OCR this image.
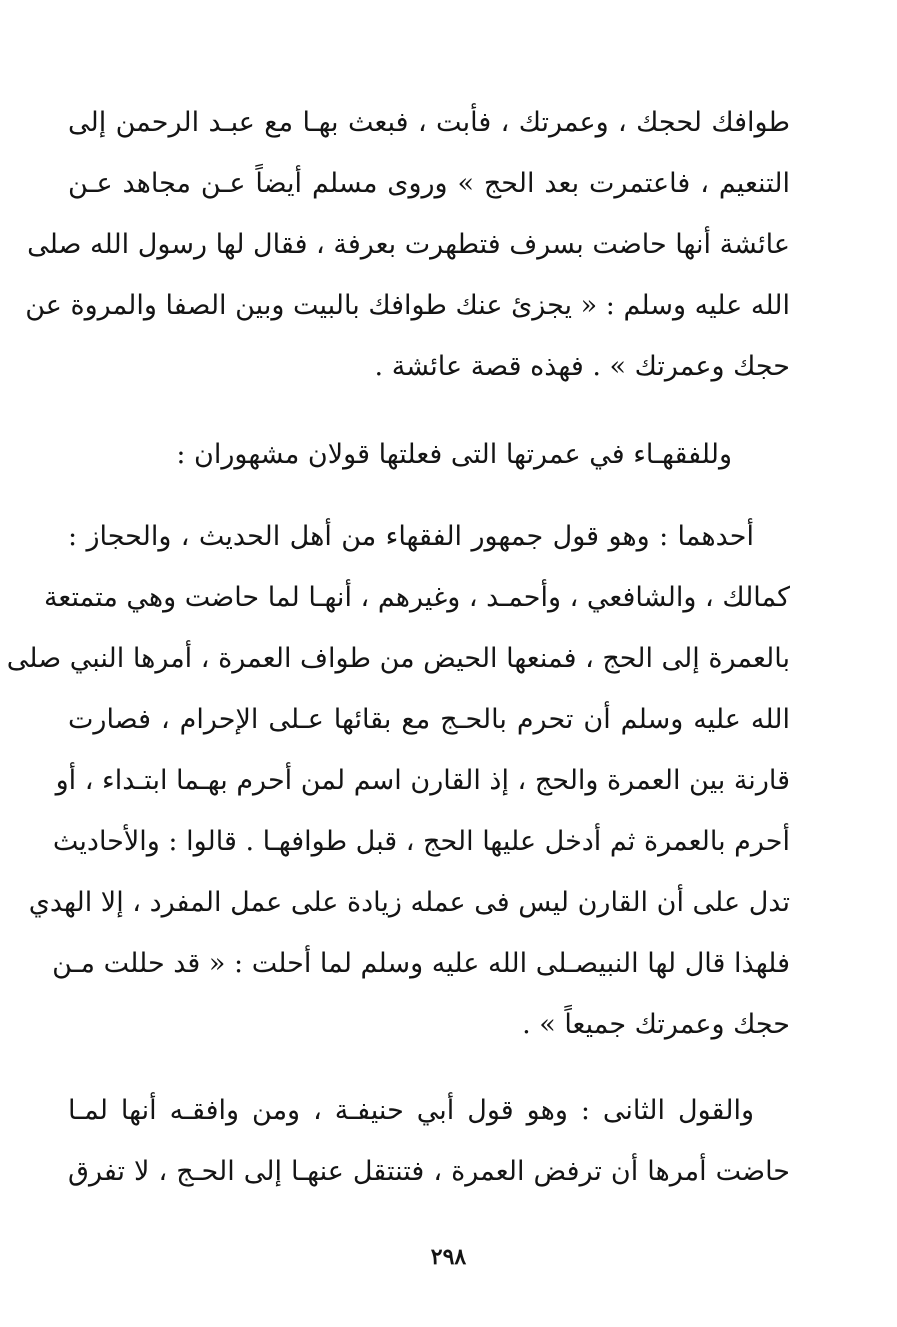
طوافك لحجك ، وعمرتك ، فأبت ، فبعث بهـا مع عبـد الرحمن إلى
التنعيم ، فاعتمرت بعد الحج » وروى مسلم أيضاً عـن مجاهد عـن
عائشة أنها حاضت بسرف فتطهرت بعرفة ، فقال لها رسول الله صلى
الله عليه وسلم : « يجزئ عنك طوافك بالبيت وبين الصفا والمروة عن
حجك وعمرتك » . فهذه قصة عائشة .
وللفقهـاء في عمرتها التى فعلتها قولان مشهوران :
أحدهما : وهو قول جمهور الفقهاء من أهل الحديث ، والحجاز :
كمالك ، والشافعي ، وأحمـد ، وغيرهم ، أنهـا لما حاضت وهي متمتعة
بالعمرة إلى الحج ، فمنعها الحيض من طواف العمرة ، أمرها النبي صلى
الله عليه وسلم أن تحرم بالحـج مع بقائها عـلى الإحرام ، فصارت
قارنة بين العمرة والحج ، إذ القارن اسم لمن أحرم بهـما ابتـداء ، أو
أحرم بالعمرة ثم أدخل عليها الحج ، قبل طوافهـا . قالوا : والأحاديث
تدل على أن القارن ليس فى عمله زيادة على عمل المفرد ، إلا الهدي
فلهذا قال لها النبيصـلى الله عليه وسلم لما أحلت : « قد حللت مـن
حجك وعمرتك جميعاً » .
والقول الثانى : وهو قول أبي حنيفـة ، ومن وافقـه أنها لمـا
حاضت أمرها أن ترفض العمرة ، فتنتقل عنهـا إلى الحـج ، لا تفرق
٢٩٨
